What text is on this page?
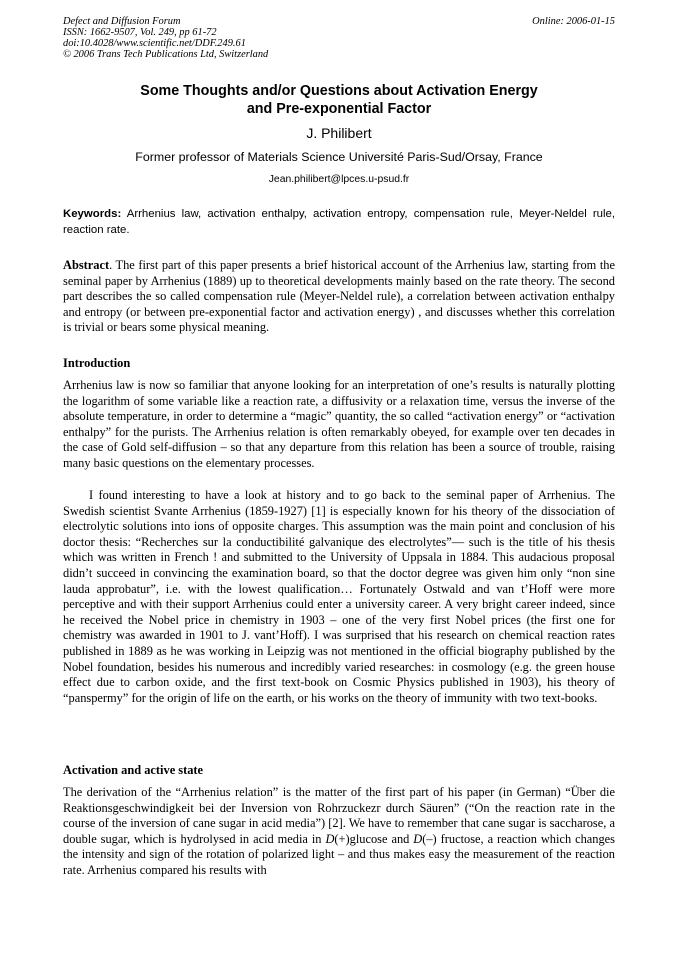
Defect and Diffusion Forum
ISSN: 1662-9507, Vol. 249, pp 61-72
doi:10.4028/www.scientific.net/DDF.249.61
© 2006 Trans Tech Publications Ltd, Switzerland
Online: 2006-01-15
Some Thoughts and/or Questions about Activation Energy
and Pre-exponential Factor
J. Philibert
Former professor of Materials Science Université Paris-Sud/Orsay, France
Jean.philibert@lpces.u-psud.fr
Keywords: Arrhenius law, activation enthalpy, activation entropy, compensation rule, Meyer-Neldel rule, reaction rate.
Abstract. The first part of this paper presents a brief historical account of the Arrhenius law, starting from the seminal paper by Arrhenius (1889) up to theoretical developments mainly based on the rate theory. The second part describes the so called compensation rule (Meyer-Neldel rule), a correlation between activation enthalpy and entropy (or between pre-exponential factor and activation energy) , and discusses whether this correlation is trivial or bears some physical meaning.
Introduction

Arrhenius law is now so familiar that anyone looking for an interpretation of one’s results is naturally plotting the logarithm of some variable like a reaction rate, a diffusivity or a relaxation time, versus the inverse of the absolute temperature, in order to determine a “magic” quantity, the so called “activation energy” or “activation enthalpy” for the purists. The Arrhenius relation is often remarkably obeyed, for example over ten decades in the case of Gold self-diffusion – so that any departure from this relation has been a source of trouble, raising many basic questions on the elementary processes.

I found interesting to have a look at history and to go back to the seminal paper of Arrhenius. The Swedish scientist Svante Arrhenius (1859-1927) [1] is especially known for his theory of the dissociation of electrolytic solutions into ions of opposite charges. This assumption was the main point and conclusion of his doctor thesis: “Recherches sur la conductibilité galvanique des electrolytes”— such is the title of his thesis which was written in French ! and submitted to the University of Uppsala in 1884. This audacious proposal didn’t succeed in convincing the examination board, so that the doctor degree was given him only “non sine lauda approbatur”, i.e. with the lowest qualification… Fortunately Ostwald and van t’Hoff were more perceptive and with their support Arrhenius could enter a university career. A very bright career indeed, since he received the Nobel price in chemistry in 1903 – one of the very first Nobel prices (the first one for chemistry was awarded in 1901 to J. vant’Hoff). I was surprised that his research on chemical reaction rates published in 1889 as he was working in Leipzig was not mentioned in the official biography published by the Nobel foundation, besides his numerous and incredibly varied researches: in cosmology (e.g. the green house effect due to carbon oxide, and the first text-book on Cosmic Physics published in 1903), his theory of “panspermy” for the origin of life on the earth, or his works on the theory of immunity with two text-books.

Activation and active state

The derivation of the “Arrhenius relation” is the matter of the first part of his paper (in German) “Über die Reaktionsgeschwindigkeit bei der Inversion von Rohrzuckezr durch Säuren” (“On the reaction rate in the course of the inversion of cane sugar in acid media”) [2]. We have to remember that cane sugar is saccharose, a double sugar, which is hydrolysed in acid media in D(+)glucose and D(–) fructose, a reaction which changes the intensity and sign of the rotation of polarized light – and thus makes easy the measurement of the reaction rate. Arrhenius compared his results with
